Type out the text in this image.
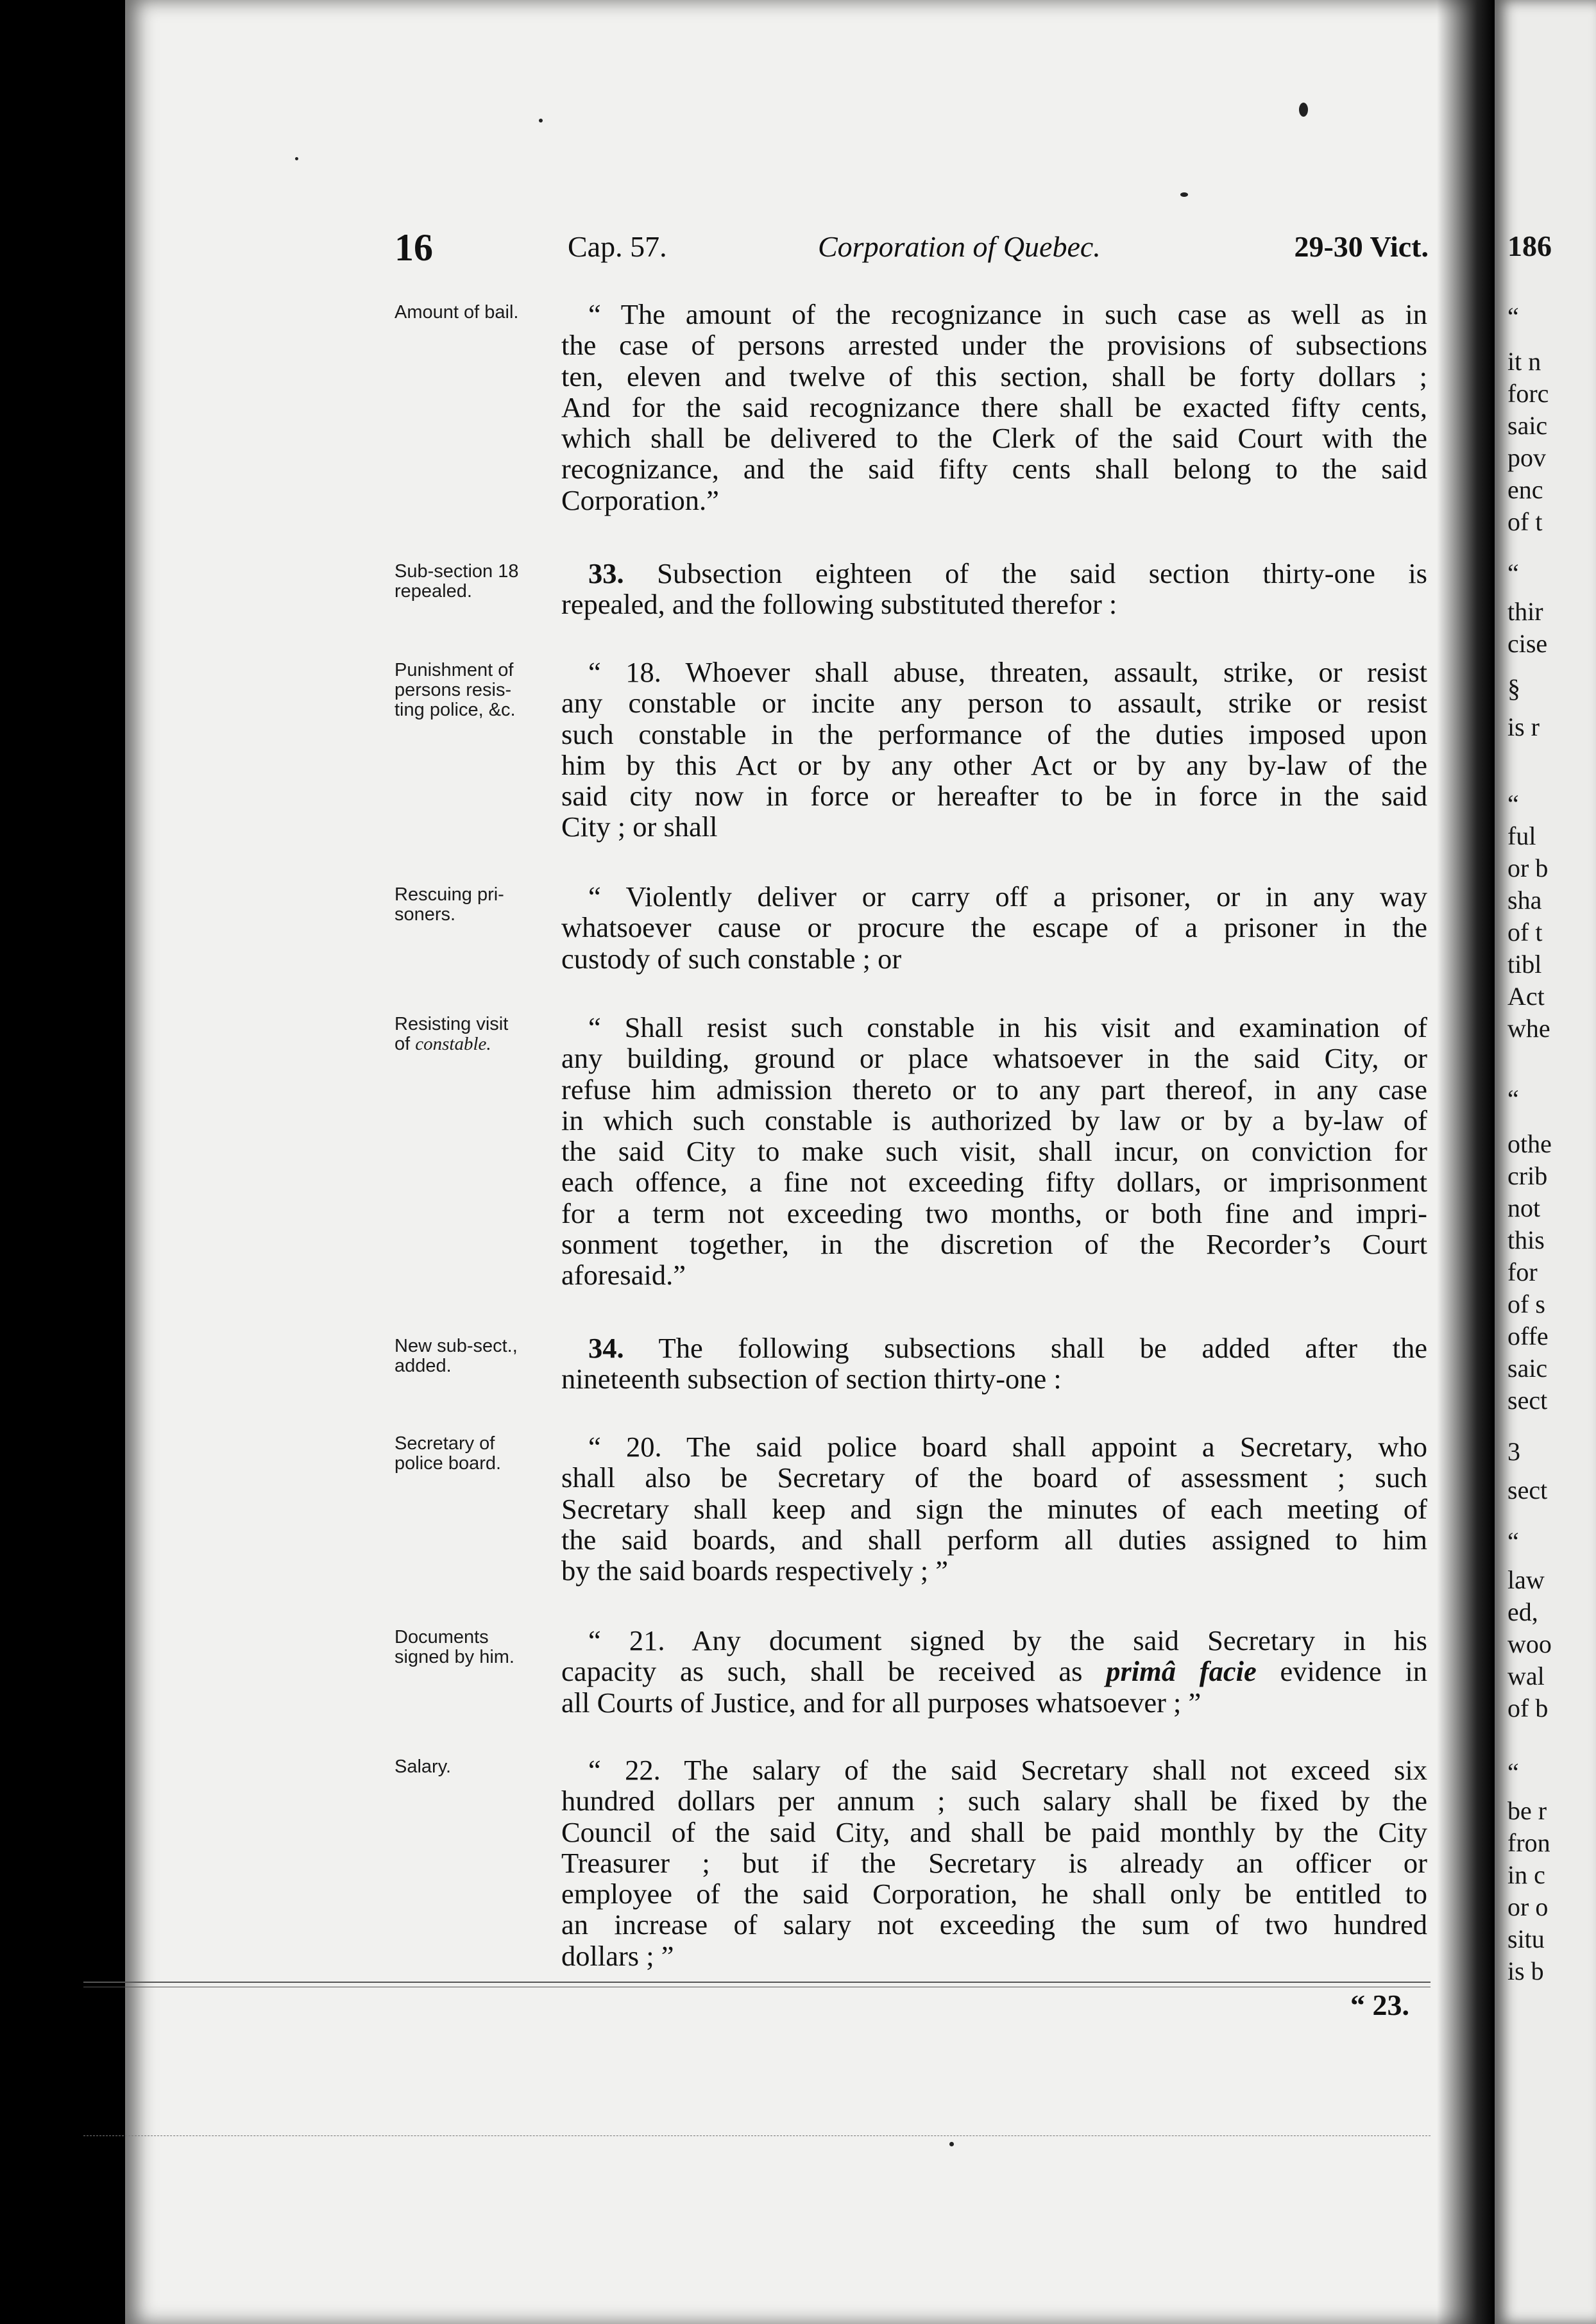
186
“
it n
forc
saic
pov
enc
of t
“
thir
cise
§
is r
“
ful
or b
sha
of t
tibl
Act
whe
“
othe
crib
not
this
for
of s
offe
saic
sect
3
sect
“
law
ed,
woo
wal
of b
“
be r
fron
in c
or o
situ
is b
16	Cap. 57.	Corporation of Quebec.	29-30 Vict.
Amount of bail.
Sub-section 18
repealed.
Punishment of
persons resis-
ting police, &c.
Rescuing pri-
soners.
Resisting visit
of constable.
New sub-sect.,
added.
Secretary of
police board.
Documents
signed by him.
Salary.
“ The amount of the recognizance in such case as well as in
the case of persons arrested under the provisions of subsections
ten, eleven and twelve of this section, shall be forty dollars ;
And for the said recognizance there shall be exacted fifty cents,
which shall be delivered to the Clerk of the said Court with the
recognizance, and the said fifty cents shall belong to the said
Corporation.”
33. Subsection eighteen of the said section thirty-one is
repealed, and the following substituted therefor :
“ 18. Whoever shall abuse, threaten, assault, strike, or resist
any constable or incite any person to assault, strike or resist
such constable in the performance of the duties imposed upon
him by this Act or by any other Act or by any by-law of the
said city now in force or hereafter to be in force in the said
City ; or shall
“ Violently deliver or carry off a prisoner, or in any way
whatsoever cause or procure the escape of a prisoner in the
custody of such constable ; or
“ Shall resist such constable in his visit and examination of
any building, ground or place whatsoever in the said City, or
refuse him admission thereto or to any part thereof, in any case
in which such constable is authorized by law or by a by-law of
the said City to make such visit, shall incur, on conviction for
each offence, a fine not exceeding fifty dollars, or imprisonment
for a term not exceeding two months, or both fine and impri-
sonment together, in the discretion of the Recorder’s Court
aforesaid.”
34. The following subsections shall be added after the
nineteenth subsection of section thirty-one :
“ 20. The said police board shall appoint a Secretary, who
shall also be Secretary of the board of assessment ; such
Secretary shall keep and sign the minutes of each meeting of
the said boards, and shall perform all duties assigned to him
by the said boards respectively ; ”
“ 21. Any document signed by the said Secretary in his
capacity as such, shall be received as primâ facie evidence in
all Courts of Justice, and for all purposes whatsoever ; ”
“ 22. The salary of the said Secretary shall not exceed six
hundred dollars per annum ; such salary shall be fixed by the
Council of the said City, and shall be paid monthly by the City
Treasurer ; but if the Secretary is already an officer or
employee of the said Corporation, he shall only be entitled to
an increase of salary not exceeding the sum of two hundred
dollars ; ”
“ 23.
